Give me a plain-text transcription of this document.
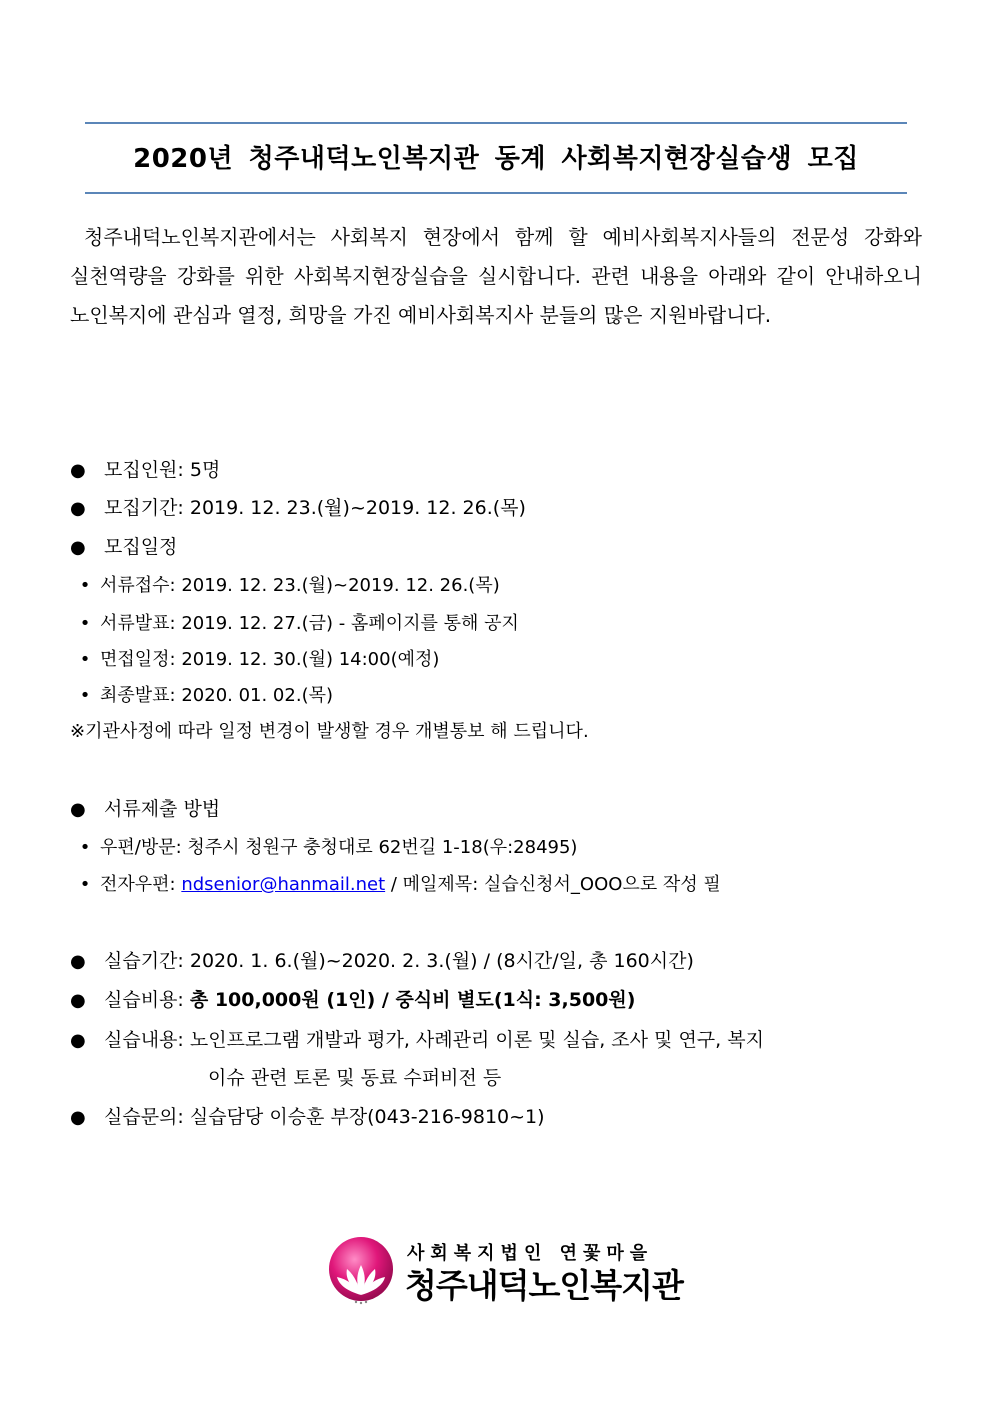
2020년 청주내덕노인복지관 동계 사회복지현장실습생 모집

청주내덕노인복지관에서는 사회복지 현장에서 함께 할 예비사회복지사들의 전문성 강화와 실천역량을 강화를 위한 사회복지현장실습을 실시합니다. 관련 내용을 아래와 같이 안내하오니 노인복지에 관심과 열정, 희망을 가진 예비사회복지사 분들의 많은 지원바랍니다.

● 모집인원: 5명
● 모집기간: 2019. 12. 23.(월)~2019. 12. 26.(목)
● 모집일정
• 서류접수: 2019. 12. 23.(월)~2019. 12. 26.(목)
• 서류발표: 2019. 12. 27.(금) - 홈페이지를 통해 공지
• 면접일정: 2019. 12. 30.(월) 14:00(예정)
• 최종발표: 2020. 01. 02.(목)
※기관사정에 따라 일정 변경이 발생할 경우 개별통보 해 드립니다.
● 서류제출 방법
• 우편/방문: 청주시 청원구 충청대로 62번길 1-18(우:28495)
• 전자우편: ndsenior@hanmail.net / 메일제목: 실습신청서_OOO으로 작성 필
● 실습기간: 2020. 1. 6.(월)~2020. 2. 3.(월) / (8시간/일, 총 160시간)
● 실습비용: 총 100,000원 (1인) / 중식비 별도(1식: 3,500원)
● 실습내용: 노인프로그램 개발과 평가, 사례관리 이론 및 실습, 조사 및 연구, 복지
이슈 관련 토론 및 동료 수퍼비전 등
● 실습문의: 실습담당 이승훈 부장(043-216-9810~1)
사회복지법인 연꽃마을
청주내덕노인복지관
